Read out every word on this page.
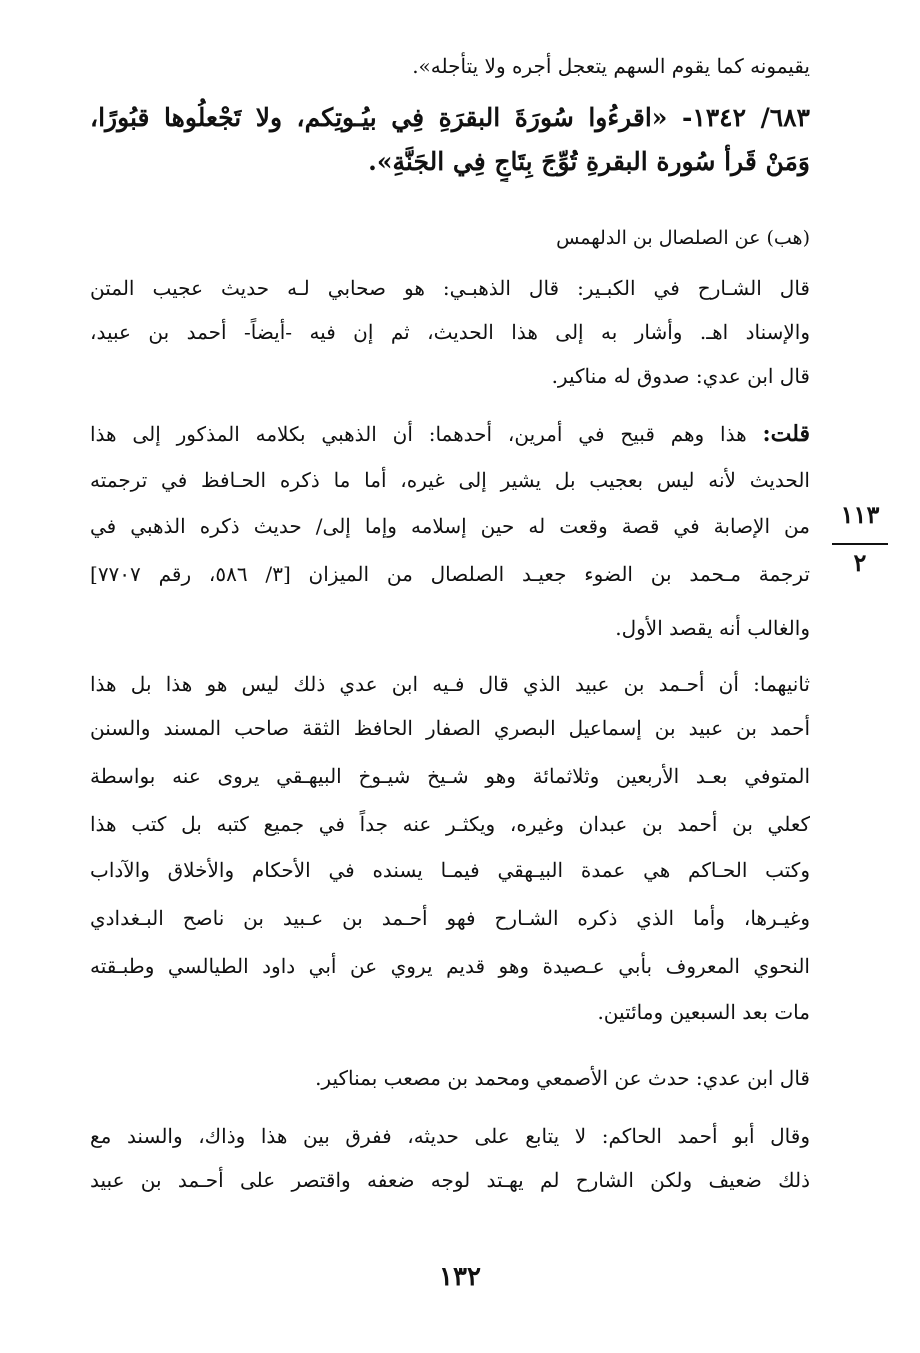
يقيمونه كما يقوم السهم يتعجل أجره ولا يتأجله».
٦٨٣/ ١٣٤٢- «اقرءُوا سُورَةَ البقرَةِ فِي بيُـوتِكم، ولا تَجْعلُوها قبُورًا،
وَمَنْ قَرأ سُورة البقرةِ تُوِّجَ بِتَاجٍ فِي الجَنَّةِ».
(هب) عن الصلصال بن الدلهمس
قال الشـارح في الكبـير: قال الذهبـي: هو صحابي لـه حديث عجيب المتن
والإسناد اهـ. وأشار به إلى هذا الحديث، ثم إن فيه -أيضاً- أحمد بن عبيد،
قال ابن عدي: صدوق له مناكير.
قلت: هذا وهم قبيح في أمرين، أحدهما: أن الذهبي بكلامه المذكور إلى هذا
الحديث لأنه ليس بعجيب بل يشير إلى غيره، أما ما ذكره الحـافظ في ترجمته
من الإصابة في قصة وقعت له حين إسلامه وإما إلى/ حديث ذكره الذهبي في
ترجمة مـحمد بن الضوء جعيـد الصلصال من الميزان [٣/ ٥٨٦، رقم ٧٧٠٧]
والغالب أنه يقصد الأول.
ثانيهما: أن أحـمد بن عبيد الذي قال فـيه ابن عدي ذلك ليس هو هذا بل هذا
أحمد بن عبيد بن إسماعيل البصري الصفار الحافظ الثقة صاحب المسند والسنن
المتوفي بعـد الأربعين وثلاثمائة وهو شـيخ شيـوخ البيهـقي يروى عنه بواسطة
كعلي بن أحمد بن عبدان وغيره، ويكثـر عنه جداً في جميع كتبه بل كتب هذا
وكتب الحـاكم هي عمدة البيـهقي فيمـا يسنده في الأحكام والأخلاق والآداب
وغيـرها، وأما الذي ذكره الشـارح فهو أحـمد بن عـبيد بن ناصح البـغدادي
النحوي المعروف بأبي عـصيدة وهو قديم يروي عن أبي داود الطيالسي وطبـقته
مات بعد السبعين ومائتين.
قال ابن عدي: حدث عن الأصمعي ومحمد بن مصعب بمناكير.
وقال أبو أحمد الحاكم: لا يتابع على حديثه، ففرق بين هذا وذاك، والسند مع
ذلك ضعيف ولكن الشارح لم يهـتد لوجه ضعفه واقتصر على أحـمد بن عبيد
١١٣
٢
١٣٢
